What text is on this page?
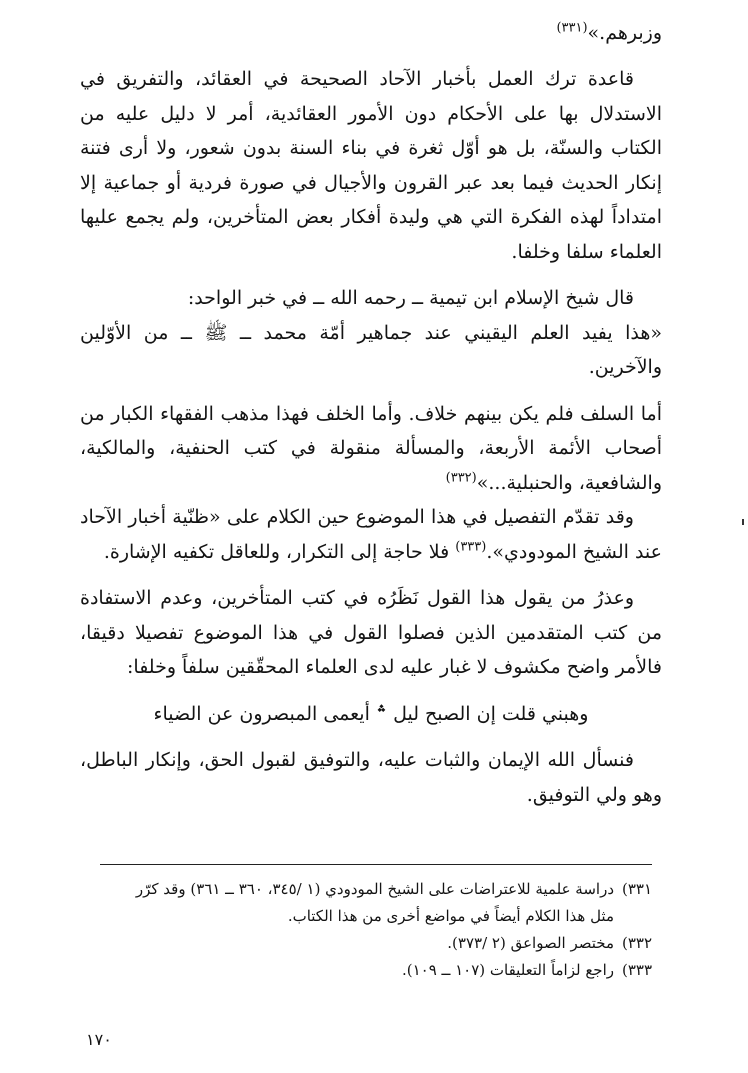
وزبرهم.»$^{(٣٣١)}$

قاعدة ترك العمل بأخبار الآحاد الصحيحة في العقائد، والتفريق في الاستدلال بها على الأحكام دون الأمور العقائدية، أمر لا دليل عليه من الكتاب والسنّة، بل هو أوّل ثغرة في بناء السنة بدون شعور، ولا أرى فتنة إنكار الحديث فيما بعد عبر القرون والأجيال في صورة فردية أو جماعية إلا امتداداً لهذه الفكرة التي هي وليدة أفكار بعض المتأخرين، ولم يجمع عليها العلماء سلفا وخلفا.

قال شيخ الإسلام ابن تيمية ــ رحمه الله ــ في خبر الواحد:

«هذا يفيد العلم اليقيني عند جماهير أمّة محمد ــ ﷺ ــ من الأوّلين والآخرين.

أما السلف فلم يكن بينهم خلاف. وأما الخلف فهذا مذهب الفقهاء الكبار من أصحاب الأئمة الأربعة، والمسألة منقولة في كتب الحنفية، والمالكية، والشافعية، والحنبلية...»$^{(٣٣٢)}$

وقد تقدّم التفصيل في هذا الموضوع حين الكلام على «ظنّية أخبار الآحاد عند الشيخ المودودي».$^{(٣٣٣)}$ فلا حاجة إلى التكرار، وللعاقل تكفيه الإشارة.

وعذرُ من يقول هذا القول نَظَرُه في كتب المتأخرين، وعدم الاستفادة من كتب المتقدمين الذين فصلوا القول في هذا الموضوع تفصيلا دقيقا، فالأمر واضح مكشوف لا غبار عليه لدى العلماء المحقّقين سلفاً وخلفا:

وهبني قلت إن الصبح ليل ؞ أيعمى المبصرون عن الضياء

فنسأل الله الإيمان والثبات عليه، والتوفيق لقبول الحق، وإنكار الباطل، وهو ولي التوفيق.

٣٣١)دراسة علمية للاعتراضات على الشيخ المودودي (١ /٣٤٥، ٣٦٠ ــ ٣٦١) وقد كرّر

مثل هذا الكلام أيضاً في مواضع أخرى من هذا الكتاب.

٣٣٢)مختصر الصواعق (٢ /٣٧٣).

٣٣٣)راجع لزاماً التعليقات (١٠٧ ــ ١٠٩).

١٧٠
